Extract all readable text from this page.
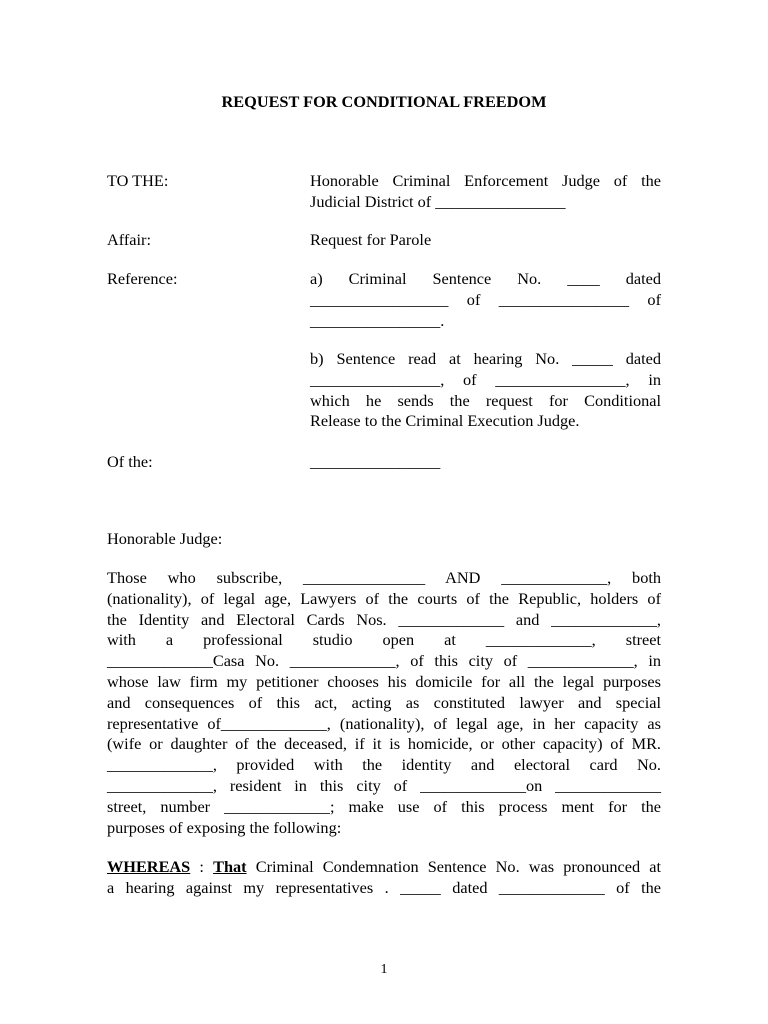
REQUEST FOR CONDITIONAL FREEDOM
TO THE:	Honorable Criminal Enforcement Judge of the
Judicial District of ________________
Affair:	Request for Parole
Reference:	a) Criminal Sentence No. ____ dated
_________________ of ________________ of
________________.
b) Sentence read at hearing No. _____ dated
________________, of ________________, in
which he sends the request for Conditional
Release to the Criminal Execution Judge.
Of the:	________________
Honorable Judge:
Those who subscribe, _______________ AND _____________, both
(nationality), of legal age, Lawyers of the courts of the Republic, holders of
the Identity and Electoral Cards Nos. _____________ and _____________,
with a professional studio open at _____________, street
_____________Casa No. _____________, of this city of _____________, in
whose law firm my petitioner chooses his domicile for all the legal purposes
and consequences of this act, acting as constituted lawyer and special
representative of_____________, (nationality), of legal age, in her capacity as
(wife or daughter of the deceased, if it is homicide, or other capacity) of MR.
_____________, provided with the identity and electoral card No.
_____________, resident in this city of _____________on _____________
street, number _____________; make use of this process ment for the
purposes of exposing the following:
WHEREAS : That Criminal Condemnation Sentence No. was pronounced at
a hearing against my representatives . _____ dated _____________ of the
1
